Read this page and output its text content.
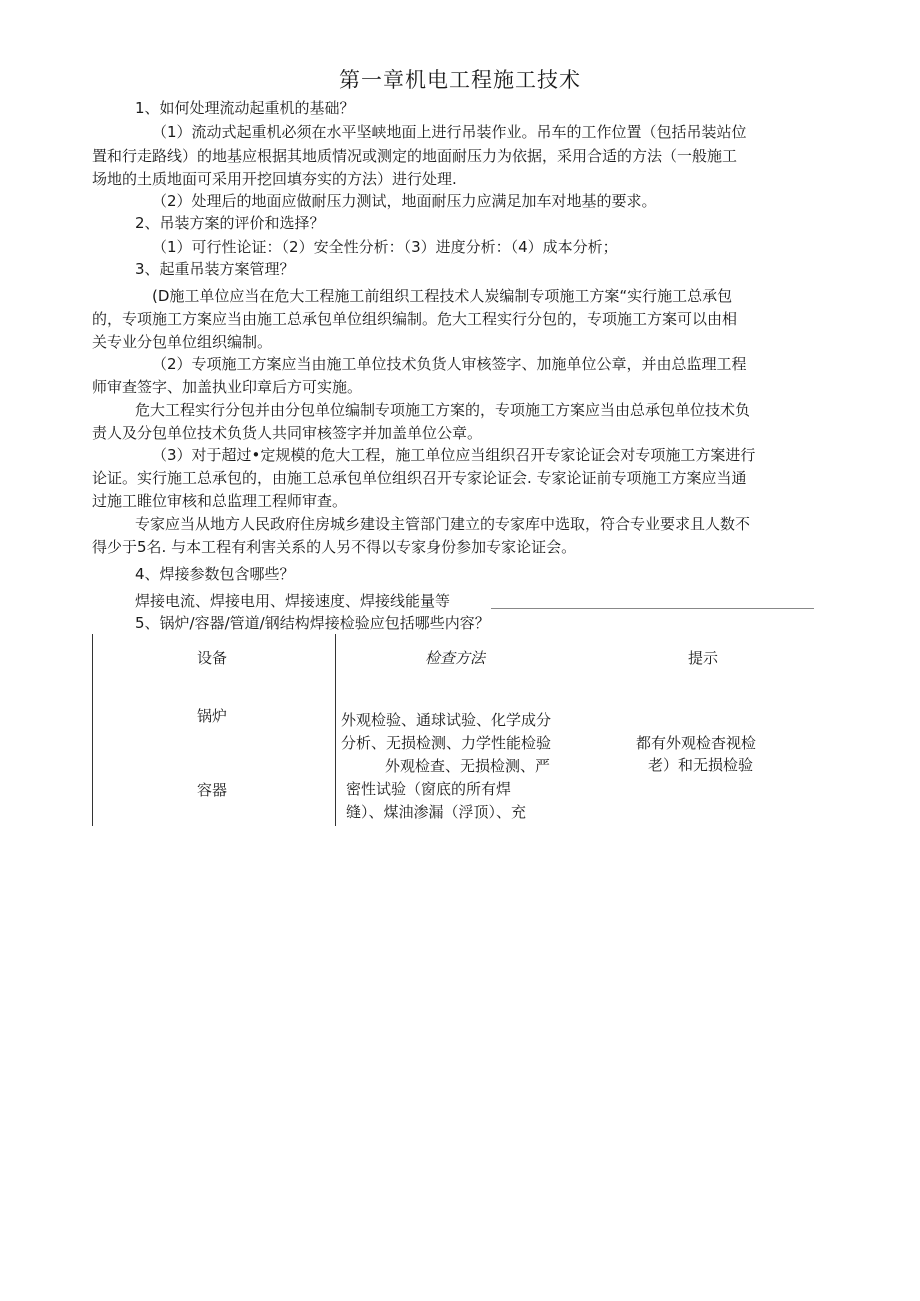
第一章机电工程施工技术
1、如何处理流动起重机的基础？
（1）流动式起重机必须在水平坚峡地面上进行吊装作业。吊车的工作位置（包括吊装站位
置和行走路线）的地基应根据其地质情况或测定的地面耐压力为依据，采用合适的方法（一般施工
场地的土质地面可采用开挖回填夯实的方法）进行处理.
（2）处理后的地面应做耐压力测试，地面耐压力应满足加车对地基的要求。
2、吊装方案的评价和选择？
（1）可行性论证：（2）安全性分析：（3）进度分析：（4）成本分析；
3、起重吊装方案管理？
(D施工单位应当在危大工程施工前组织工程技术人炭编制专项施工方案“实行施工总承包
的，专项施工方案应当由施工总承包单位组织编制。危大工程实行分包的，专项施工方案可以由相
关专业分包单位组织编制。
（2）专项施工方案应当由施工单位技术负货人审核签字、加施单位公章，并由总监理工程
师审查签字、加盖执业印章后方可实施。
危大工程实行分包并由分包单位编制专项施工方案的，专项施工方案应当由总承包单位技术负
责人及分包单位技术负货人共同审核签字并加盖单位公章。
（3）对于超过•定规模的危大工程，施工单位应当组织召开专家论证会对专项施工方案进行
论证。实行施工总承包的，由施工总承包单位组织召开专家论证会. 专家论证前专项施工方案应当通
过施工睢位审核和总监理工程师审查。
专家应当从地方人民政府住房城乡建设主管部门建立的专家库中选取，符合专业要求且人数不
得少于5名. 与本工程有利害关系的人另不得以专家身份参加专家论证会。
4、焊接参数包含哪些？
焊接电流、焊接电用、焊接速度、焊接线能量等
5、锅炉/容器/管道/钢结构焊接检验应包括哪些内容？
设备	检查方法	提示
锅炉
容器
外观检验、通球试验、化学成分
分析、无损检测、力学性能检验
外观检查、无损检测、严
密性试验（窗底的所有焊
缝）、煤油渗漏（浮顶）、充
都有外观检杳视检
老）和无损检验
